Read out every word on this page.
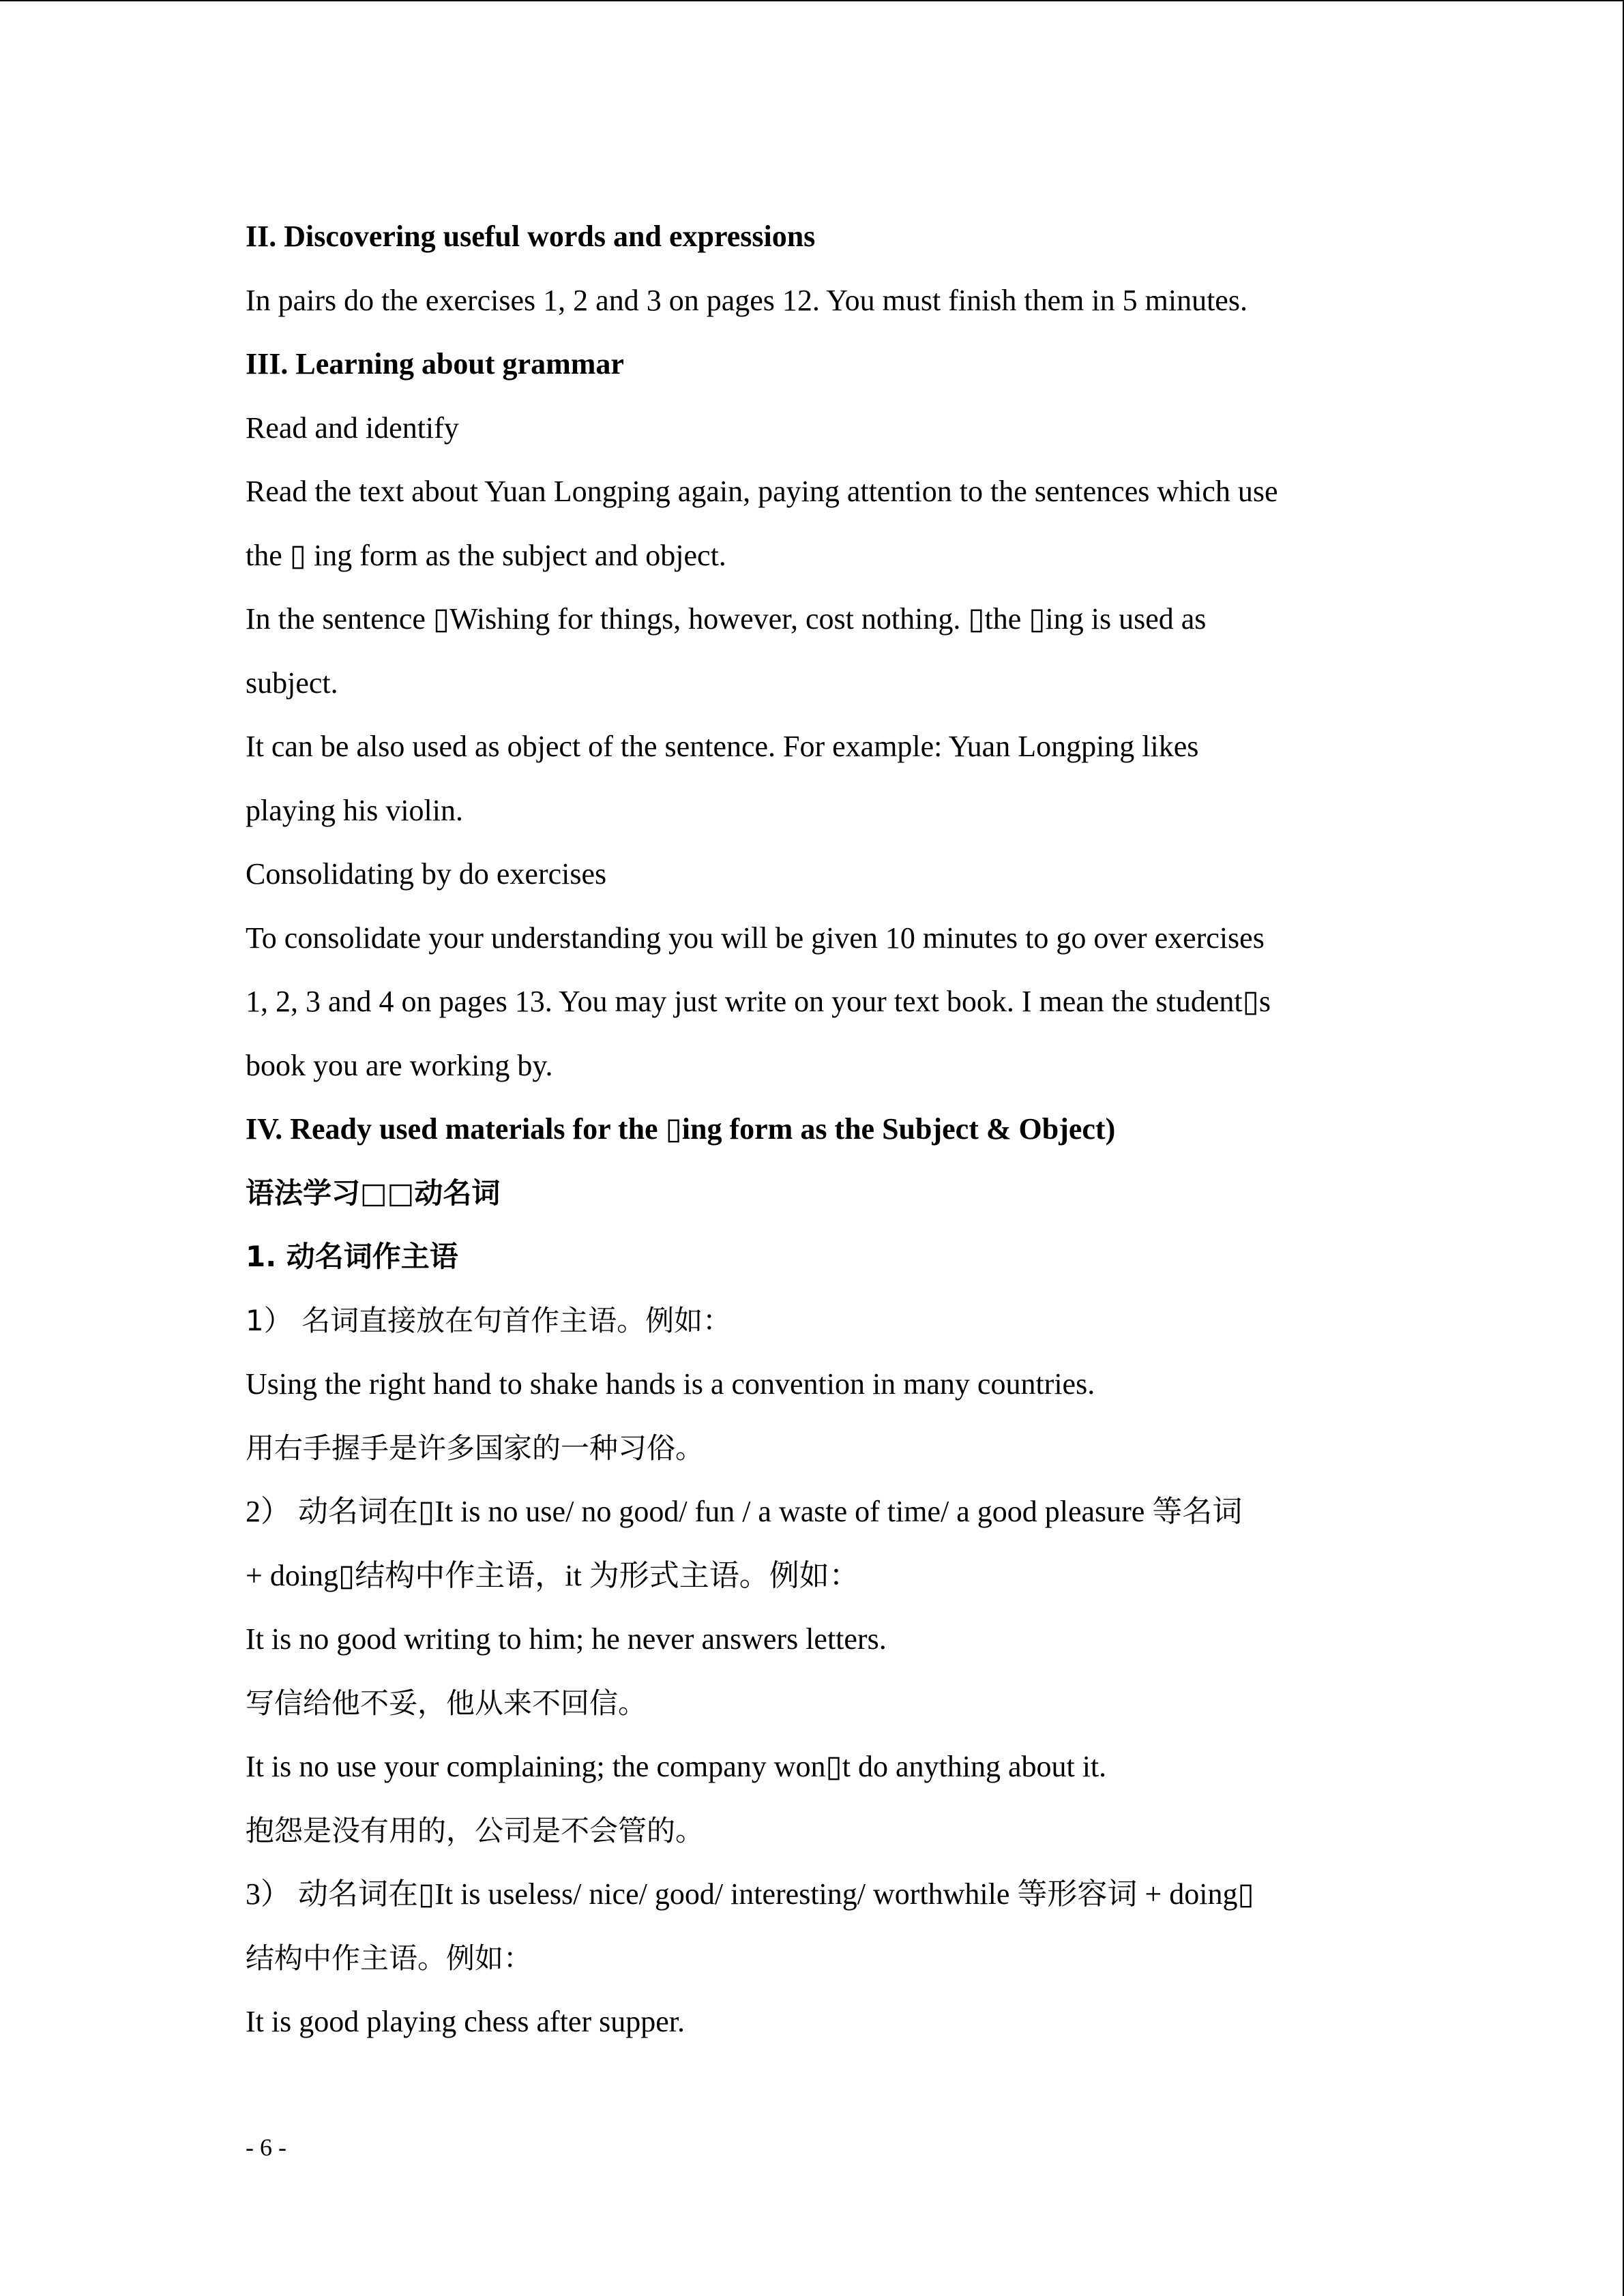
II. Discovering useful words and expressions
In pairs do the exercises 1, 2 and 3 on pages 12. You must finish them in 5 minutes.
III. Learning about grammar
Read and identify
Read the text about Yuan Longping again, paying attention to the sentences which use
the ▯ ing form as the subject and object.
In the sentence ▯Wishing for things, however, cost nothing. ▯the ▯ing is used as
subject.
It can be also used as object of the sentence. For example: Yuan Longping likes
playing his violin.
Consolidating by do exercises
To consolidate your understanding you will be given 10 minutes to go over exercises
1, 2, 3 and 4 on pages 13. You may just write on your text book. I mean the student▯s
book you are working by.
IV. Ready used materials for the ▯ing form as the Subject & Object)
语法学习□□动名词
1. 动名词作主语
1） 名词直接放在句首作主语。例如：
Using the right hand to shake hands is a convention in many countries.
用右手握手是许多国家的一种习俗。
2） 动名词在▯It is no use/ no good/ fun / a waste of time/ a good pleasure 等名词
+ doing▯结构中作主语，it 为形式主语。例如：
It is no good writing to him; he never answers letters.
写信给他不妥，他从来不回信。
It is no use your complaining; the company won▯t do anything about it.
抱怨是没有用的，公司是不会管的。
3） 动名词在▯It is useless/ nice/ good/ interesting/ worthwhile 等形容词 + doing▯
结构中作主语。例如：
It is good playing chess after supper.
- 6 -
